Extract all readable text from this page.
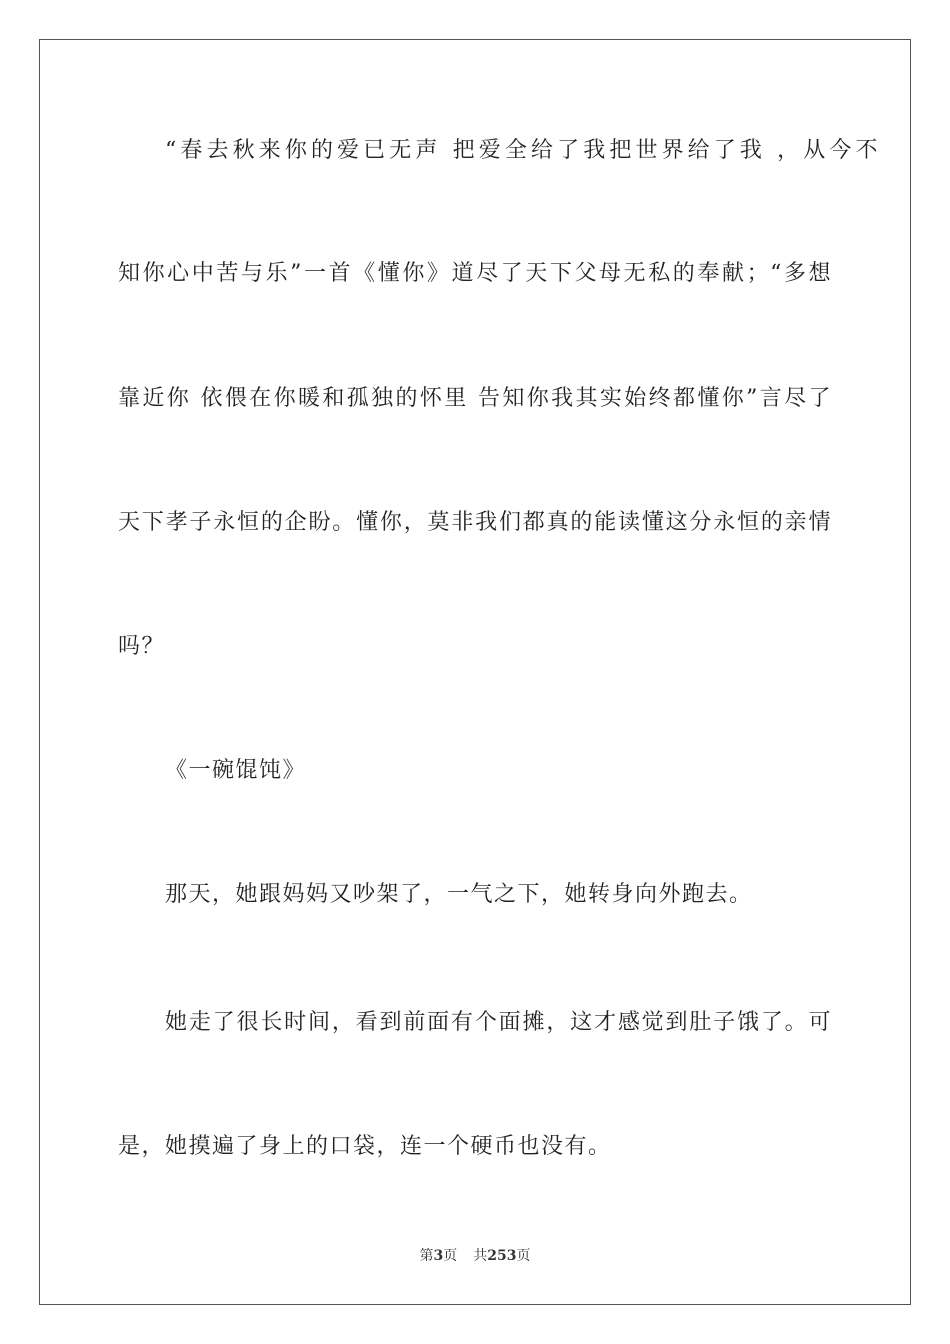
“春去秋来你的爱已无声 把爱全给了我把世界给了我 ，从今不
知你心中苦与乐”一首《懂你》道尽了天下父母无私的奉献；“多想
靠近你 依偎在你暖和孤独的怀里 告知你我其实始终都懂你”言尽了
天下孝子永恒的企盼。懂你，莫非我们都真的能读懂这分永恒的亲情
吗？
《一碗馄饨》
那天，她跟妈妈又吵架了，一气之下，她转身向外跑去。
她走了很长时间，看到前面有个面摊，这才感觉到肚子饿了。可
是，她摸遍了身上的口袋，连一个硬币也没有。
第3页 共253页
